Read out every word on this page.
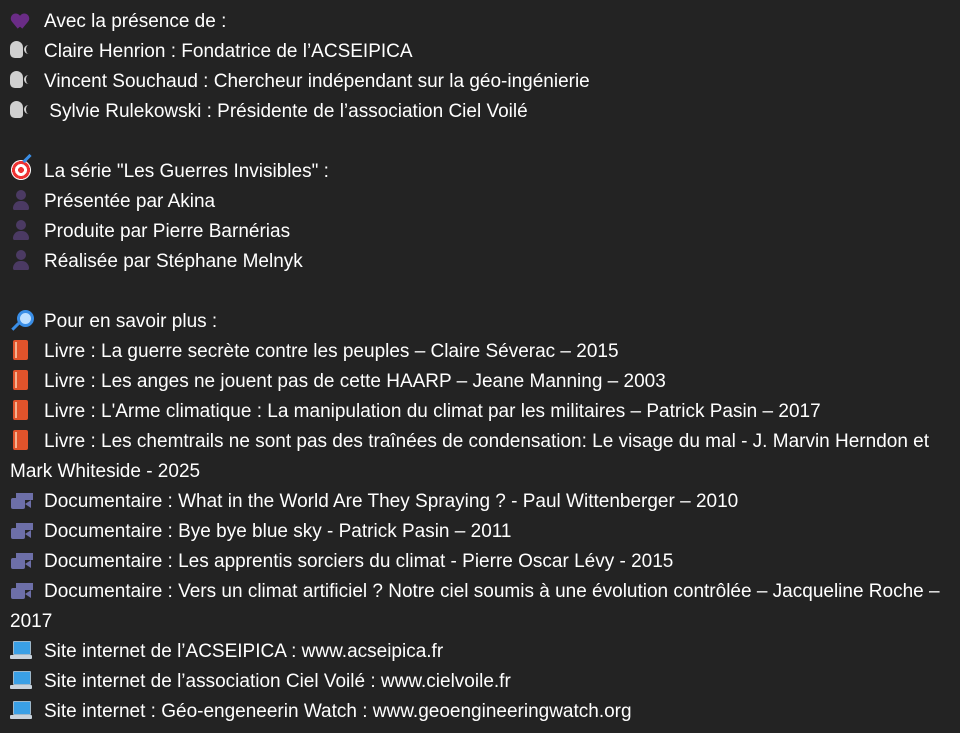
Avec la présence de :
Claire Henrion : Fondatrice de l’ACSEIPICA
Vincent Souchaud : Chercheur indépendant sur la géo-ingénierie
Sylvie Rulekowski : Présidente de l’association Ciel Voilé
La série "Les Guerres Invisibles" :
Présentée par Akina
Produite par Pierre Barnérias
Réalisée par Stéphane Melnyk
Pour en savoir plus :
Livre : La guerre secrète contre les peuples – Claire Séverac – 2015
Livre : Les anges ne jouent pas de cette HAARP – Jeane Manning – 2003
Livre : L'Arme climatique : La manipulation du climat par les militaires – Patrick Pasin – 2017
Livre : Les chemtrails ne sont pas des traînées de condensation: Le visage du mal - J. Marvin Herndon et Mark Whiteside - 2025
Documentaire : What in the World Are They Spraying ? - Paul Wittenberger – 2010
Documentaire : Bye bye blue sky - Patrick Pasin – 2011
Documentaire : Les apprentis sorciers du climat - Pierre Oscar Lévy - 2015
Documentaire : Vers un climat artificiel ? Notre ciel soumis à une évolution contrôlée – Jacqueline Roche – 2017
Site internet de l’ACSEIPICA : www.acseipica.fr
Site internet de l’association Ciel Voilé : www.cielvoile.fr
Site internet : Géo-engeneerin Watch : www.geoengineeringwatch.org
